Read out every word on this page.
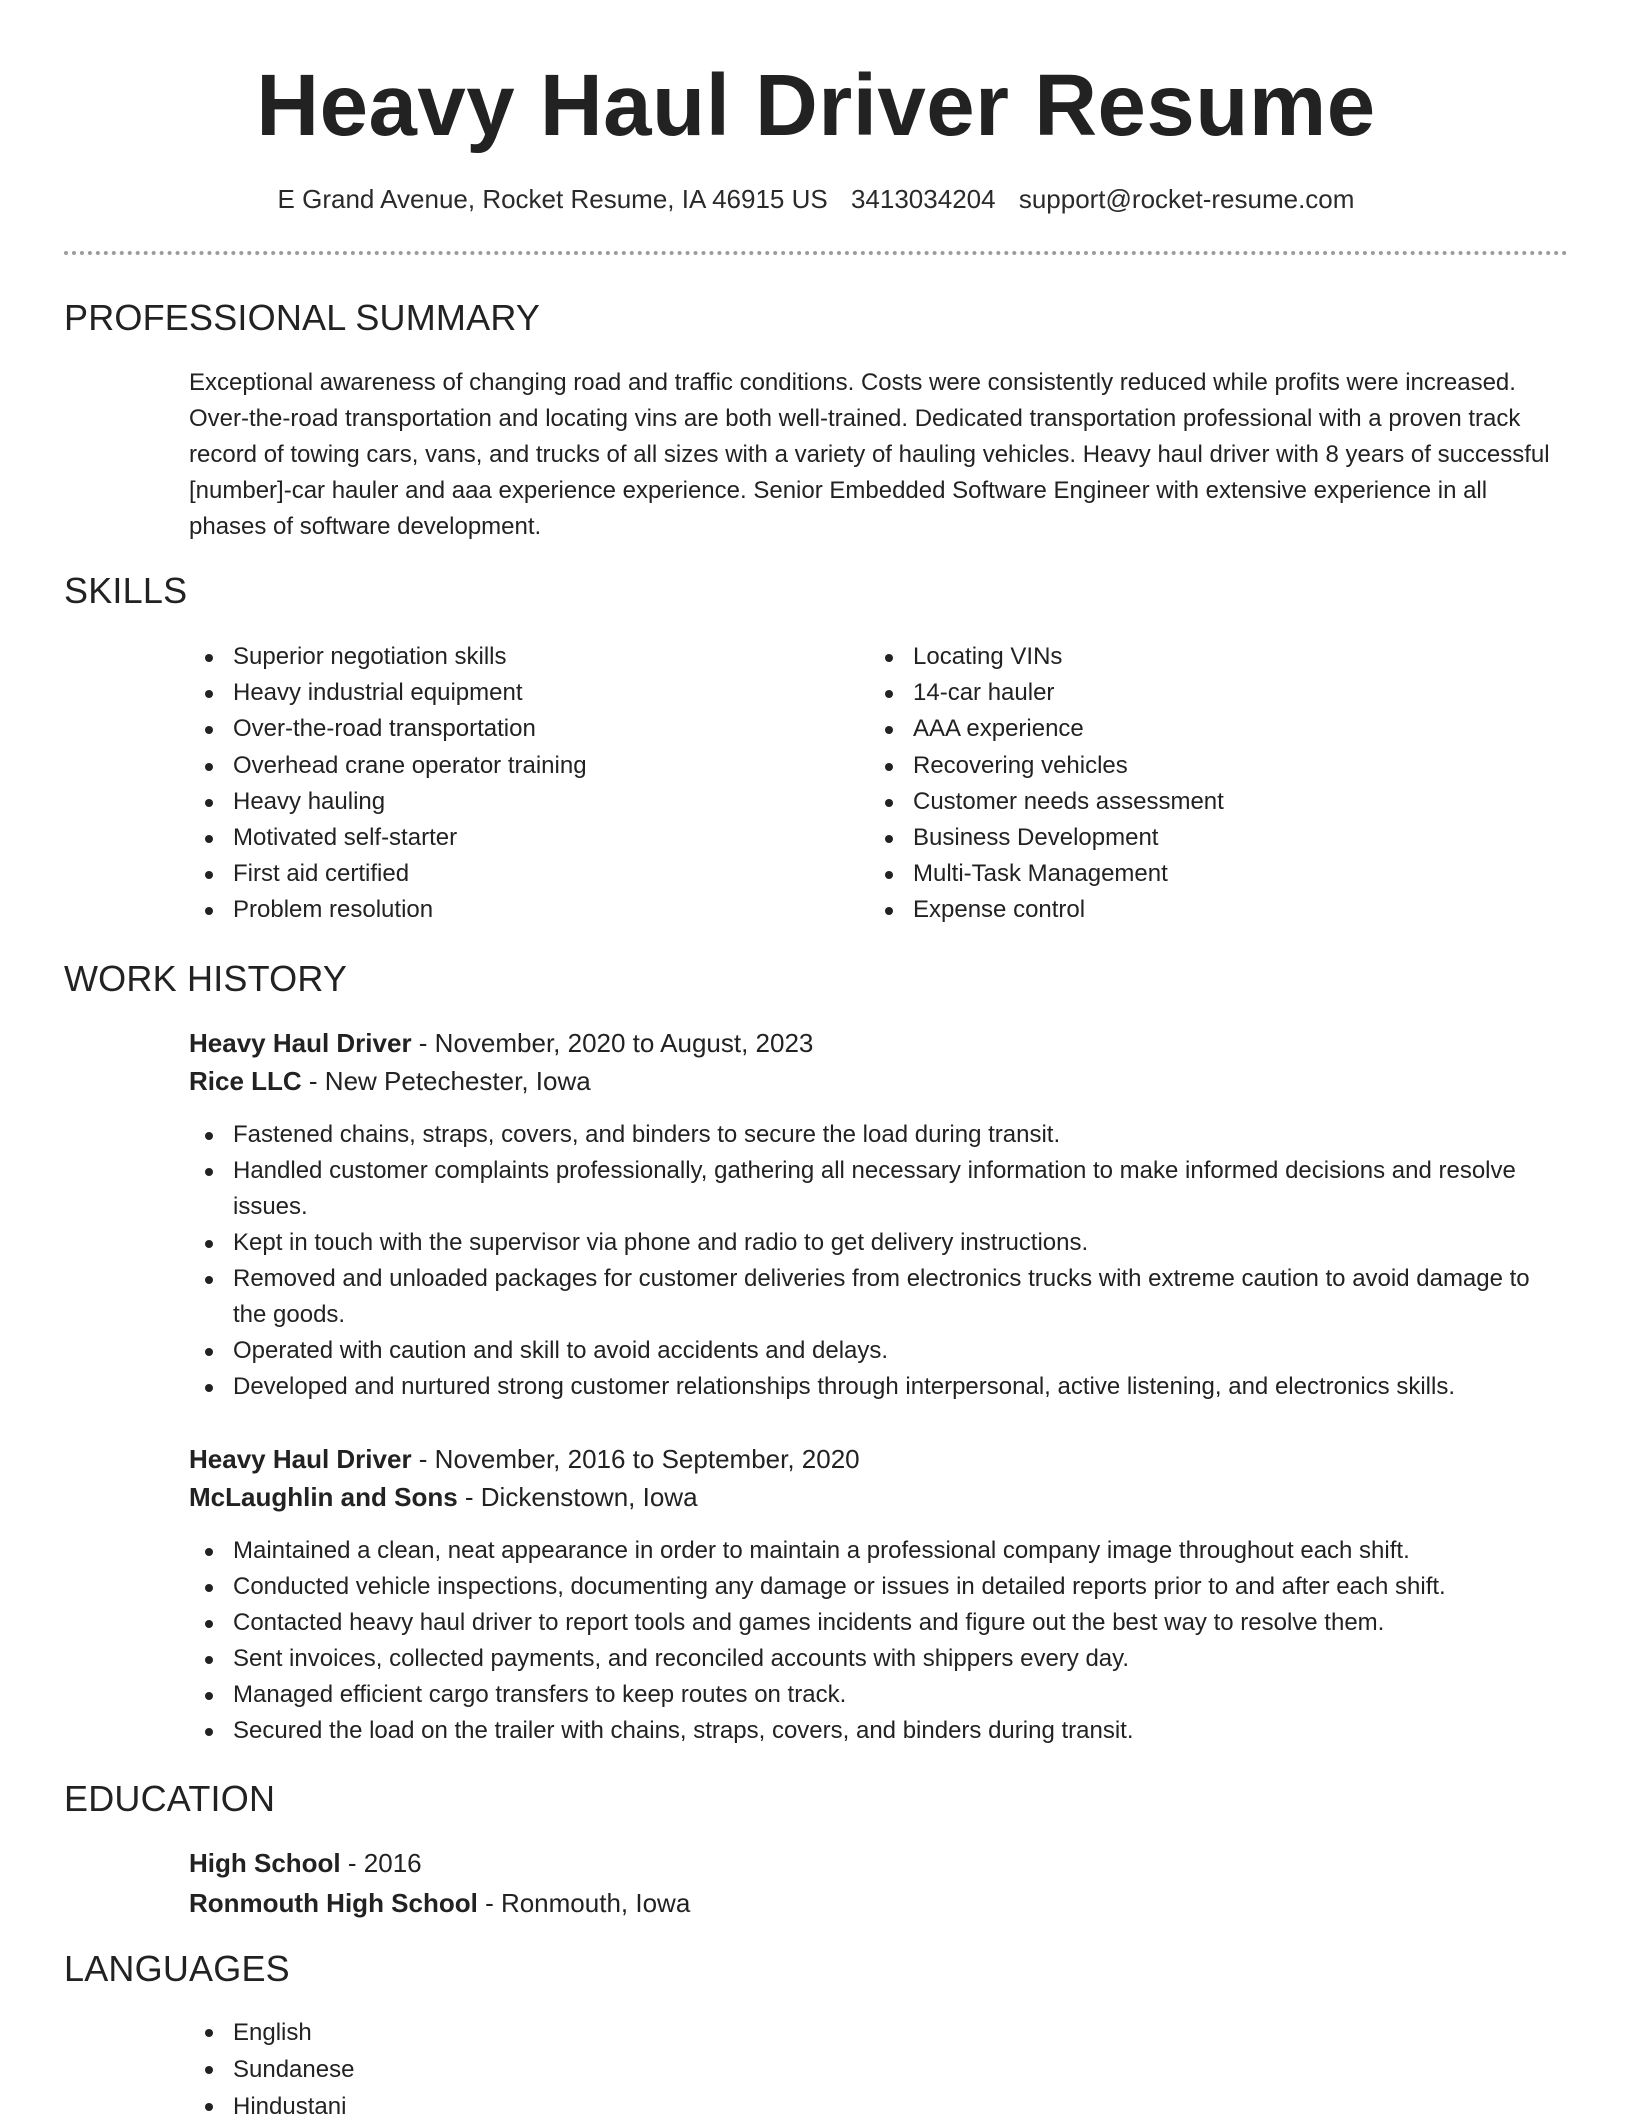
Heavy Haul Driver Resume
E Grand Avenue, Rocket Resume, IA 46915 US 3413034204 support@rocket-resume.com
PROFESSIONAL SUMMARY
Exceptional awareness of changing road and traffic conditions. Costs were consistently reduced while profits were increased. Over-the-road transportation and locating vins are both well-trained. Dedicated transportation professional with a proven track record of towing cars, vans, and trucks of all sizes with a variety of hauling vehicles. Heavy haul driver with 8 years of successful [number]-car hauler and aaa experience experience. Senior Embedded Software Engineer with extensive experience in all phases of software development.
SKILLS
Superior negotiation skills
Heavy industrial equipment
Over-the-road transportation
Overhead crane operator training
Heavy hauling
Motivated self-starter
First aid certified
Problem resolution
Locating VINs
14-car hauler
AAA experience
Recovering vehicles
Customer needs assessment
Business Development
Multi-Task Management
Expense control
WORK HISTORY
Heavy Haul Driver - November, 2020 to August, 2023
Rice LLC - New Petechester, Iowa
Fastened chains, straps, covers, and binders to secure the load during transit.
Handled customer complaints professionally, gathering all necessary information to make informed decisions and resolve issues.
Kept in touch with the supervisor via phone and radio to get delivery instructions.
Removed and unloaded packages for customer deliveries from electronics trucks with extreme caution to avoid damage to the goods.
Operated with caution and skill to avoid accidents and delays.
Developed and nurtured strong customer relationships through interpersonal, active listening, and electronics skills.
Heavy Haul Driver - November, 2016 to September, 2020
McLaughlin and Sons - Dickenstown, Iowa
Maintained a clean, neat appearance in order to maintain a professional company image throughout each shift.
Conducted vehicle inspections, documenting any damage or issues in detailed reports prior to and after each shift.
Contacted heavy haul driver to report tools and games incidents and figure out the best way to resolve them.
Sent invoices, collected payments, and reconciled accounts with shippers every day.
Managed efficient cargo transfers to keep routes on track.
Secured the load on the trailer with chains, straps, covers, and binders during transit.
EDUCATION
High School - 2016
Ronmouth High School - Ronmouth, Iowa
LANGUAGES
English
Sundanese
Hindustani
